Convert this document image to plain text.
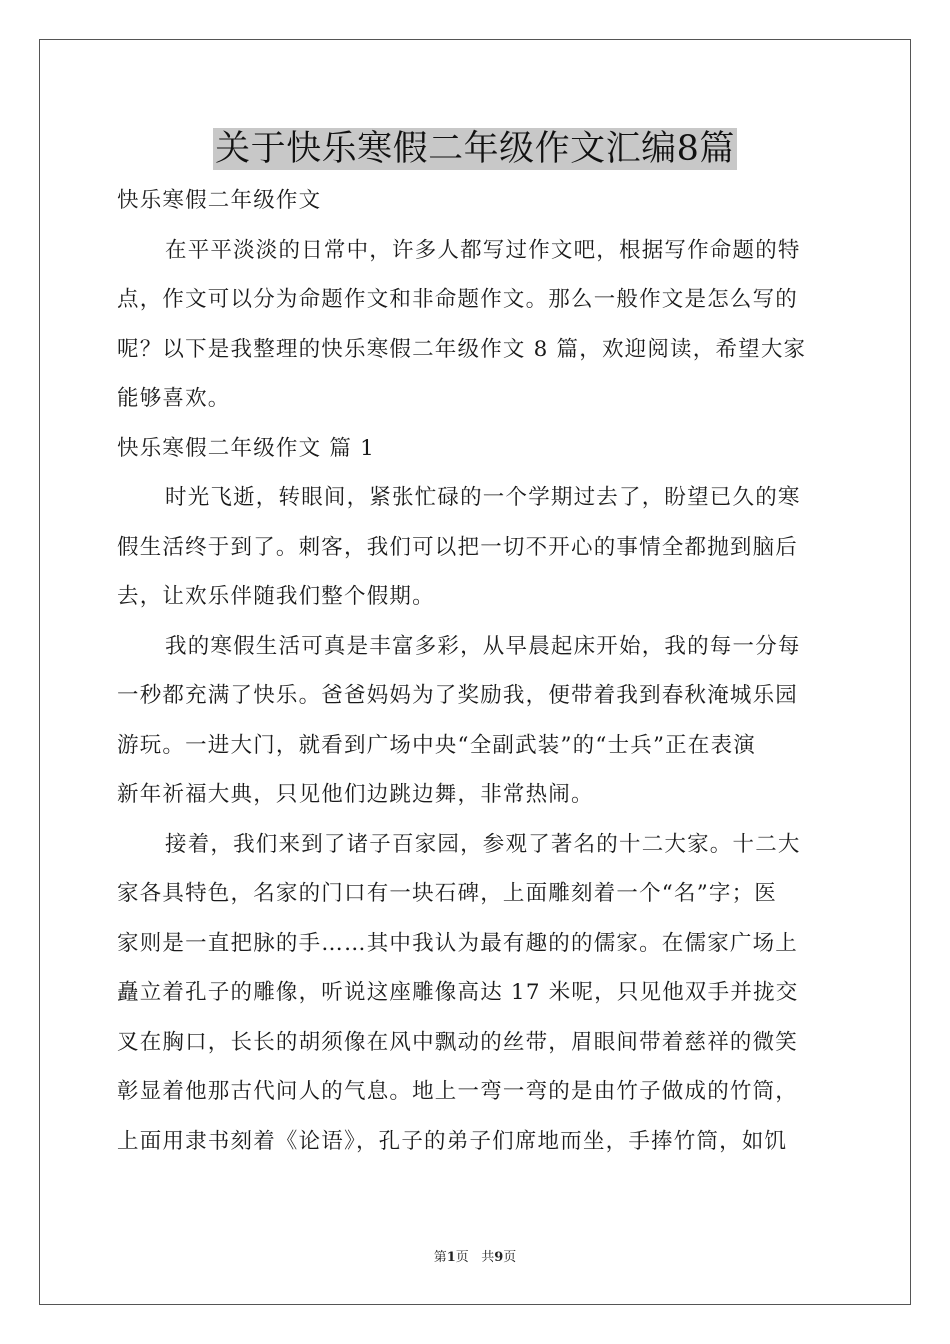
关于快乐寒假二年级作文汇编8篇
快乐寒假二年级作文
在平平淡淡的日常中，许多人都写过作文吧，根据写作命题的特
点，作文可以分为命题作文和非命题作文。那么一般作文是怎么写的
呢？以下是我整理的快乐寒假二年级作文 8 篇，欢迎阅读，希望大家
能够喜欢。
快乐寒假二年级作文 篇 1
时光飞逝，转眼间，紧张忙碌的一个学期过去了，盼望已久的寒
假生活终于到了。刺客，我们可以把一切不开心的事情全都抛到脑后
去，让欢乐伴随我们整个假期。
我的寒假生活可真是丰富多彩，从早晨起床开始，我的每一分每
一秒都充满了快乐。爸爸妈妈为了奖励我，便带着我到春秋淹城乐园
游玩。一进大门，就看到广场中央“全副武装”的“士兵”正在表演
新年祈福大典，只见他们边跳边舞，非常热闹。
接着，我们来到了诸子百家园，参观了著名的十二大家。十二大
家各具特色，名家的门口有一块石碑，上面雕刻着一个“名”字；医
家则是一直把脉的手……其中我认为最有趣的的儒家。在儒家广场上
矗立着孔子的雕像，听说这座雕像高达 17 米呢，只见他双手并拢交
叉在胸口，长长的胡须像在风中飘动的丝带，眉眼间带着慈祥的微笑
彰显着他那古代问人的气息。地上一弯一弯的是由竹子做成的竹筒，
上面用隶书刻着《论语》，孔子的弟子们席地而坐，手捧竹筒，如饥
第1页 共9页
